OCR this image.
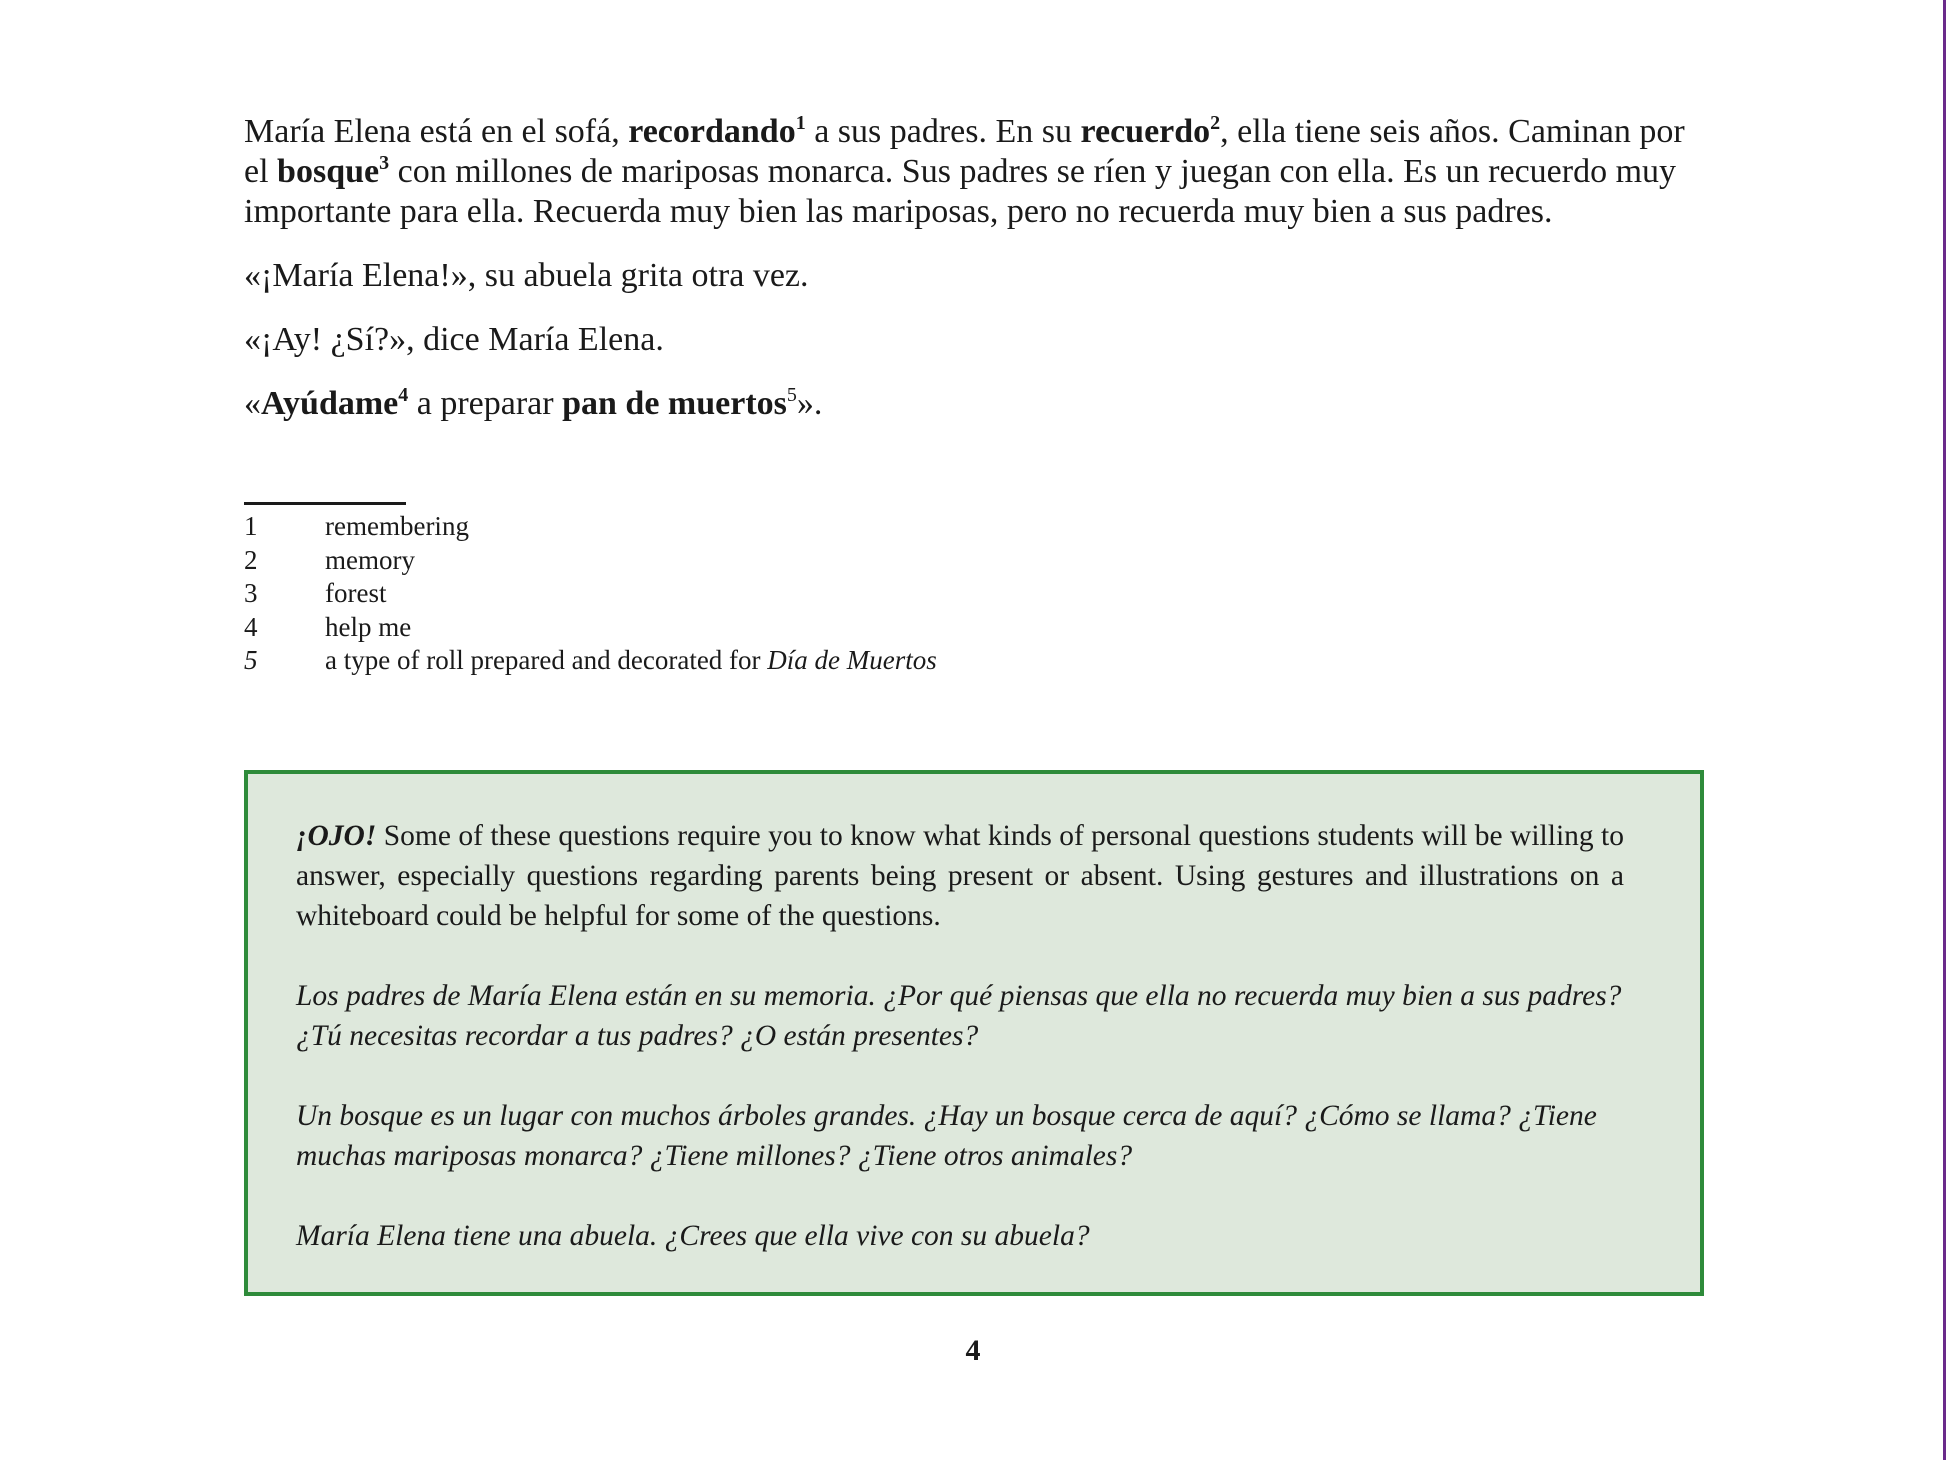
María Elena está en el sofá, recordando$^1$ a sus padres. En su recuerdo$^2$, ella tiene seis años. Caminan por el bosque$^3$ con millones de mariposas monarca. Sus padres se ríen y juegan con ella. Es un recuerdo muy importante para ella. Recuerda muy bien las mariposas, pero no recuerda muy bien a sus padres.

«¡María Elena!», su abuela grita otra vez.

«¡Ay! ¿Sí?», dice María Elena.

«Ayúdame$^4$ a preparar pan de muertos$^5$».

1	remembering
2	memory
3	forest
4	help me
5	a type of roll prepared and decorated for Día de Muertos

¡OJO! Some of these questions require you to know what kinds of personal questions students will be willing to answer, especially questions regarding parents being present or absent. Using gestures and illustrations on a whiteboard could be helpful for some of the questions.

Los padres de María Elena están en su memoria. ¿Por qué piensas que ella no recuerda muy bien a sus padres? ¿Tú necesitas recordar a tus padres? ¿O están presentes?

Un bosque es un lugar con muchos árboles grandes. ¿Hay un bosque cerca de aquí? ¿Cómo se llama? ¿Tiene muchas mariposas monarca? ¿Tiene millones? ¿Tiene otros animales?

María Elena tiene una abuela. ¿Crees que ella vive con su abuela?

4
